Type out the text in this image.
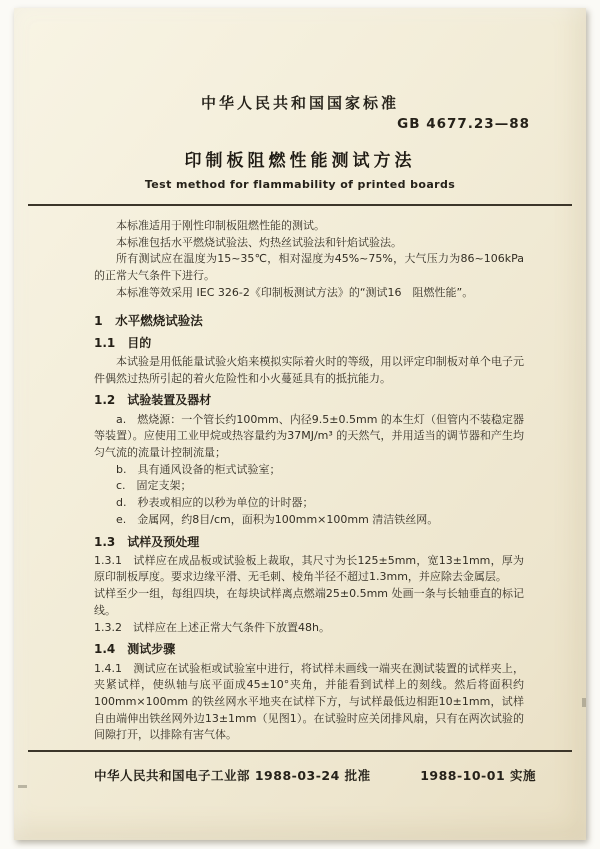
中华人民共和国国家标准
GB 4677.23—88
印制板阻燃性能测试方法
Test method for flammability of printed boards

本标准适用于刚性印制板阻燃性能的测试。

本标准包括水平燃烧试验法、灼热丝试验法和针焰试验法。

所有测试应在温度为15~35℃，相对湿度为45%~75%，大气压力为86~106kPa 的正常大气条件下进行。

本标准等效采用 IEC 326-2《印制板测试方法》的“测试16　阻燃性能”。

1　水平燃烧试验法

1.1　目的

本试验是用低能量试验火焰来模拟实际着火时的等级，用以评定印制板对单个电子元件偶然过热所引起的着火危险性和小火蔓延具有的抵抗能力。

1.2　试验装置及器材

a.　燃烧源：一个管长约100mm、内径9.5±0.5mm 的本生灯（但管内不装稳定器等装置）。应使用工业甲烷或热容量约为37MJ/m³ 的天然气，并用适当的调节器和产生均匀气流的流量计控制流量；

b.　具有通风设备的柜式试验室；

c.　固定支架；

d.　秒表或相应的以秒为单位的计时器；

e.　金属网，约8目/cm，面积为100mm×100mm 清洁铁丝网。

1.3　试样及预处理

1.3.1　试样应在成品板或试验板上裁取，其尺寸为长125±5mm，宽13±1mm，厚为原印制板厚度。要求边缘平滑、无毛刺、棱角半径不超过1.3mm，并应除去金属层。

试样至少一组，每组四块，在每块试样离点燃端25±0.5mm 处画一条与长轴垂直的标记线。

1.3.2　试样应在上述正常大气条件下放置48h。

1.4　测试步骤

1.4.1　测试应在试验柜或试验室中进行，将试样未画线一端夹在测试装置的试样夹上，夹紧试样，使纵轴与底平面成45±10°夹角，并能看到试样上的刻线。然后将面积约100mm×100mm 的铁丝网水平地夹在试样下方，与试样最低边相距10±1mm，试样自由端伸出铁丝网外边13±1mm（见图1）。在试验时应关闭排风扇，只有在两次试验的间隙打开，以排除有害气体。

中华人民共和国电子工业部 1988-03-24 批准	1988-10-01 实施
